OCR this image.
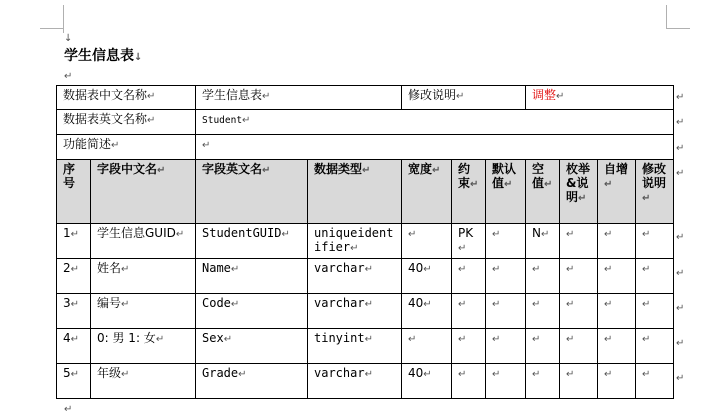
↓
学生信息表↓
↵
数据表中文名称↵		学生信息表↵		修改说明↵			调整↵			
数据表英文名称↵		Student↵								
功能简述↵		↵								
序号	字段中文名↵	字段英文名↵	数据类型↵	宽度↵	约束↵	默认值↵	空值↵	枚举&说明↵	自增↵	修改说明↵
1↵	学生信息GUID↵	StudentGUID↵	uniqueidentifier↵	↵	PK↵	↵	N↵	↵	↵	↵
2↵	姓名↵	Name↵	varchar↵	40↵	↵	↵	↵	↵	↵	↵
3↵	编号↵	Code↵	varchar↵	40↵	↵	↵	↵	↵	↵	↵
4↵	0: 男 1: 女↵	Sex↵	tinyint↵	↵	↵	↵	↵	↵	↵	↵
5↵	年级↵	Grade↵	varchar↵	40↵	↵	↵	↵	↵	↵	↵
↵
↵
↵
↵
↵
↵
↵
↵
↵
↵
